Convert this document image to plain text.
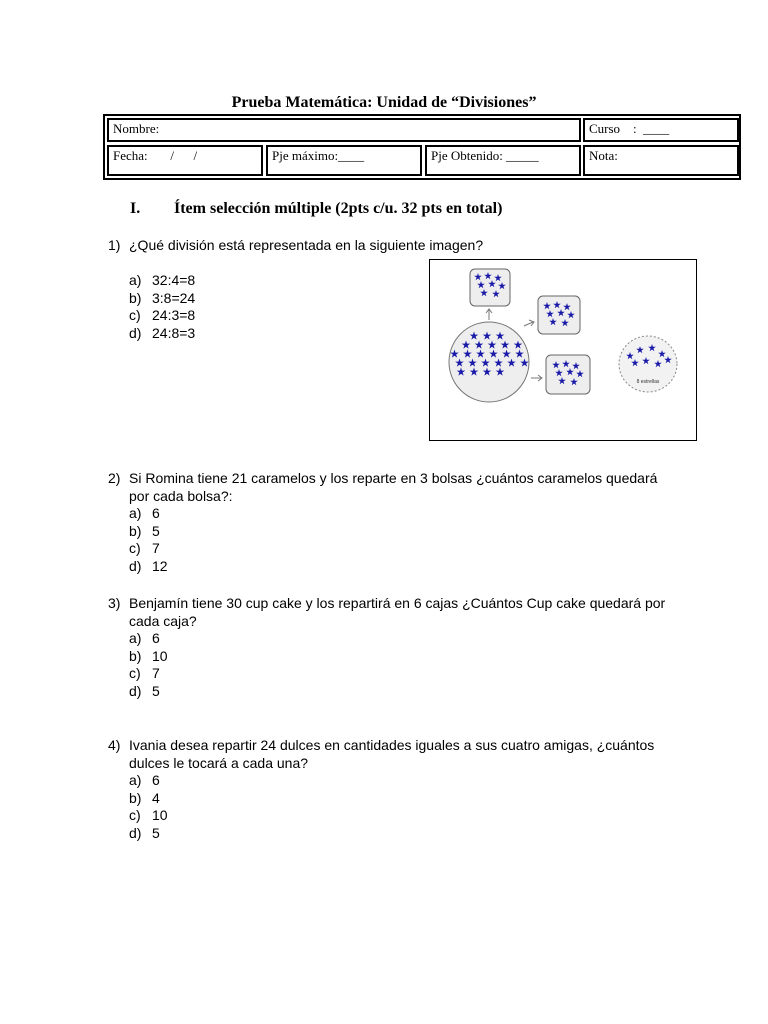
Prueba Matemática: Unidad de “Divisiones”
Nombre:	Curso    :  ____
Fecha:       /      /	Pje máximo:____	Pje Obtenido: _____	Nota:
I. Ítem selección múltiple (2pts c/u. 32 pts en total)
1) ¿Qué división está representada en la siguiente imagen?
a) 32:4=8
b) 3:8=24
c) 24:3=8
d) 24:8=3
8 estrellas
2) Si Romina tiene 21 caramelos y los reparte en 3 bolsas ¿cuántos caramelos quedará por cada bolsa?:
a) 6
b) 5
c) 7
d) 12
3) Benjamín tiene 30 cup cake y los repartirá en 6 cajas ¿Cuántos Cup cake quedará por cada caja?
a) 6
b) 10
c) 7
d) 5
4) Ivania desea repartir 24 dulces en cantidades iguales a sus cuatro amigas, ¿cuántos dulces le tocará a cada una?
a) 6
b) 4
c) 10
d) 5
